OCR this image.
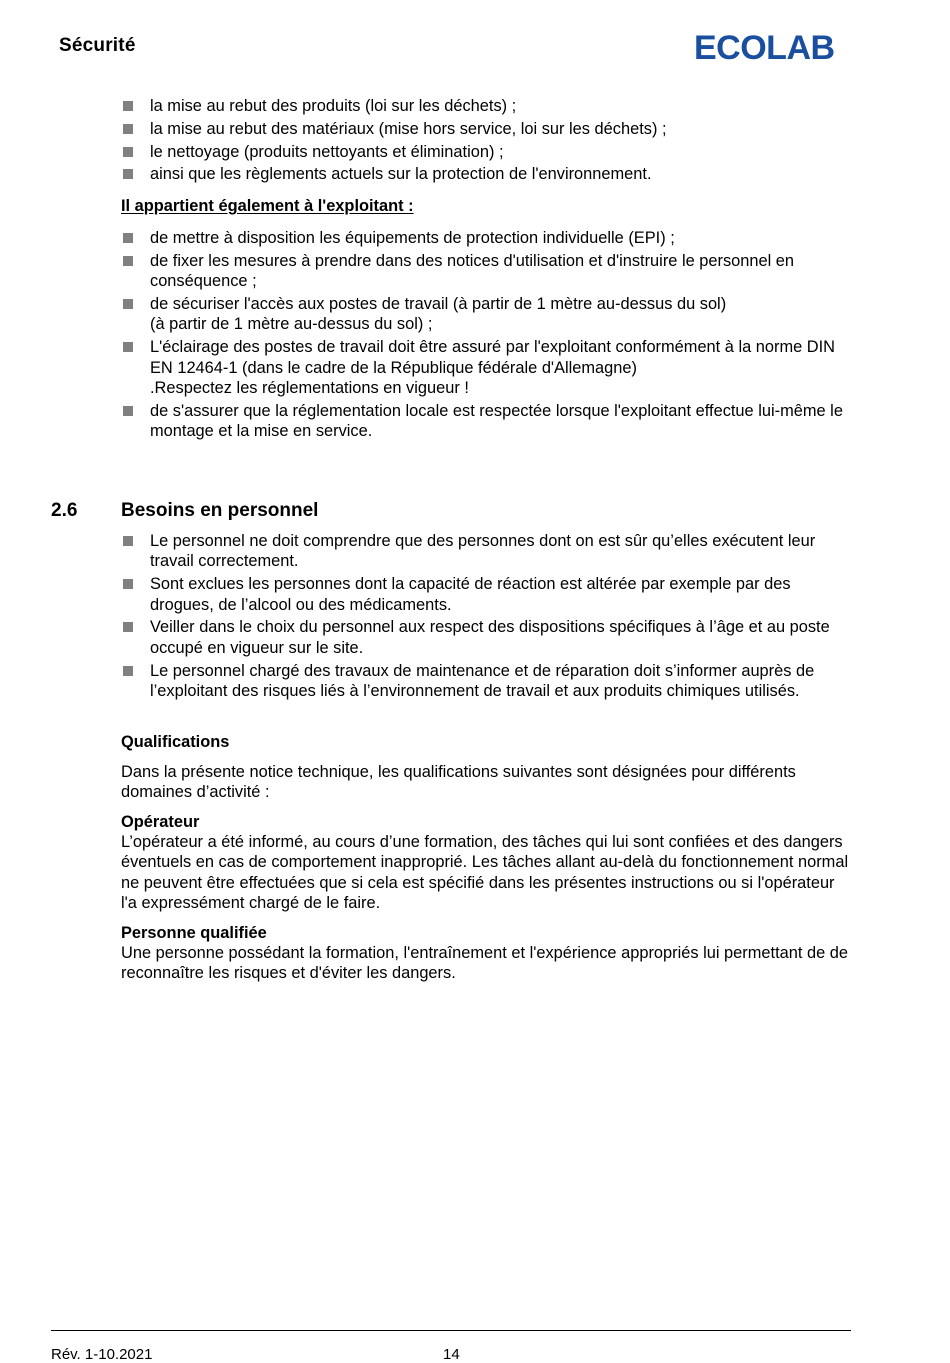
Sécurité	ECOLAB
la mise au rebut des produits (loi sur les déchets) ;
la mise au rebut des matériaux (mise hors service, loi sur les déchets) ;
le nettoyage (produits nettoyants et élimination) ;
ainsi que les règlements actuels sur la protection de l'environnement.
Il appartient également à l'exploitant :
de mettre à disposition les équipements de protection individuelle (EPI) ;
de fixer les mesures à prendre dans des notices d'utilisation et d'instruire le personnel en conséquence ;
de sécuriser l'accès aux postes de travail (à partir de 1 mètre au-dessus du sol)
(à partir de 1 mètre au-dessus du sol) ;
L'éclairage des postes de travail doit être assuré par l'exploitant conformément à la norme DIN EN 12464-1 (dans le cadre de la République fédérale d'Allemagne)
.Respectez les réglementations en vigueur !
de s'assurer que la réglementation locale est respectée lorsque l'exploitant effectue lui-même le montage et la mise en service.
2.6 Besoins en personnel
Le personnel ne doit comprendre que des personnes dont on est sûr qu’elles exécutent leur travail correctement.
Sont exclues les personnes dont la capacité de réaction est altérée par exemple par des drogues, de l’alcool ou des médicaments.
Veiller dans le choix du personnel aux respect des dispositions spécifiques à l’âge et au poste occupé en vigueur sur le site.
Le personnel chargé des travaux de maintenance et de réparation doit s’informer auprès de l’exploitant des risques liés à l’environnement de travail et aux produits chimiques utilisés.
Qualifications

Dans la présente notice technique, les qualifications suivantes sont désignées pour différents domaines d’activité :

Opérateur

L’opérateur a été informé, au cours d’une formation, des tâches qui lui sont confiées et des dangers éventuels en cas de comportement inapproprié. Les tâches allant au-delà du fonctionnement normal ne peuvent être effectuées que si cela est spécifié dans les présentes instructions ou si l'opérateur l'a expressément chargé de le faire.

Personne qualifiée

Une personne possédant la formation, l'entraînement et l'expérience appropriés lui permettant de de reconnaître les risques et d'éviter les dangers.

Rév. 1-10.2021	14
